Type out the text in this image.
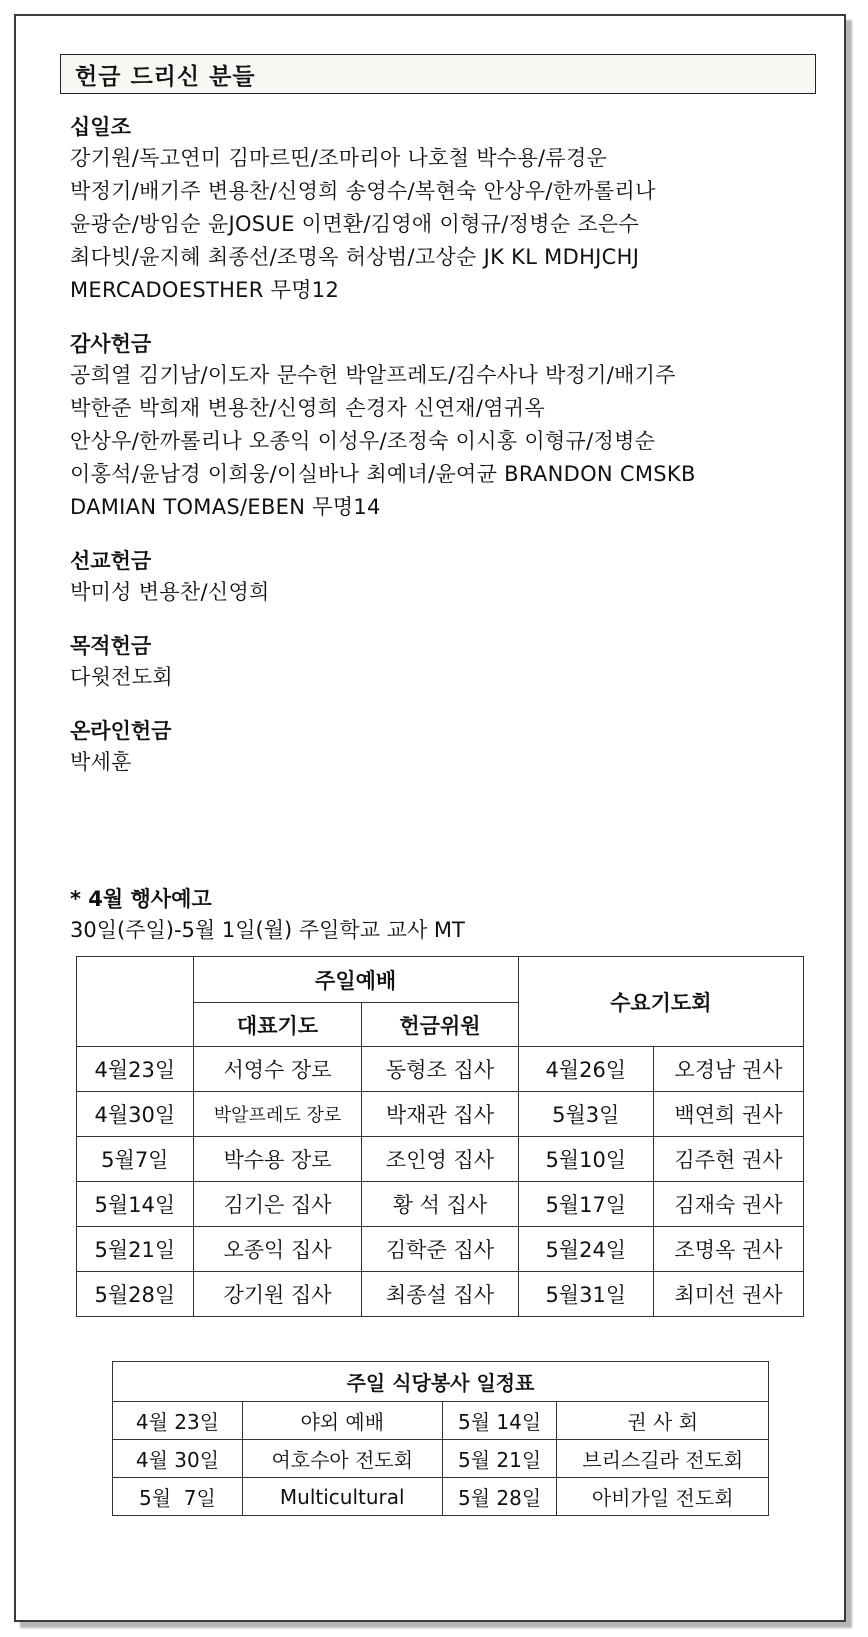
헌금 드리신 분들
십일조
강기원/독고연미 김마르띤/조마리아 나호철 박수용/류경운
박정기/배기주 변용찬/신영희 송영수/복현숙 안상우/한까롤리나
윤광순/방임순 윤JOSUE 이면환/김영애 이형규/정병순 조은수
최다빗/윤지혜 최종선/조명옥 허상범/고상순 JK KL MDHJCHJ
MERCADOESTHER 무명12
감사헌금
공희열 김기남/이도자 문수헌 박알프레도/김수사나 박정기/배기주
박한준 박희재 변용찬/신영희 손경자 신연재/염귀옥
안상우/한까롤리나 오종익 이성우/조정숙 이시홍 이형규/정병순
이홍석/윤남경 이희웅/이실바나 최예녀/윤여균 BRANDON CMSKB
DAMIAN TOMAS/EBEN 무명14
선교헌금
박미성 변용찬/신영희
목적헌금
다윗전도회
온라인헌금
박세훈
* 4월 행사예고
30일(주일)-5월 1일(월) 주일학교 교사 MT
	주일예배		수요기도회	
	대표기도	헌금위원		
4월23일	서영수 장로	동형조 집사	4월26일	오경남 권사
4월30일	박알프레도 장로	박재관 집사	5월3일	백연희 권사
5월7일	박수용 장로	조인영 집사	5월10일	김주현 권사
5월14일	김기은 집사	황 석 집사	5월17일	김재숙 권사
5월21일	오종익 집사	김학준 집사	5월24일	조명옥 권사
5월28일	강기원 집사	최종설 집사	5월31일	최미선 권사
주일 식당봉사 일정표			
4월 23일	야외 예배	5월 14일	권 사 회
4월 30일	여호수아 전도회	5월 21일	브리스길라 전도회
5월  7일	Multicultural	5월 28일	아비가일 전도회
